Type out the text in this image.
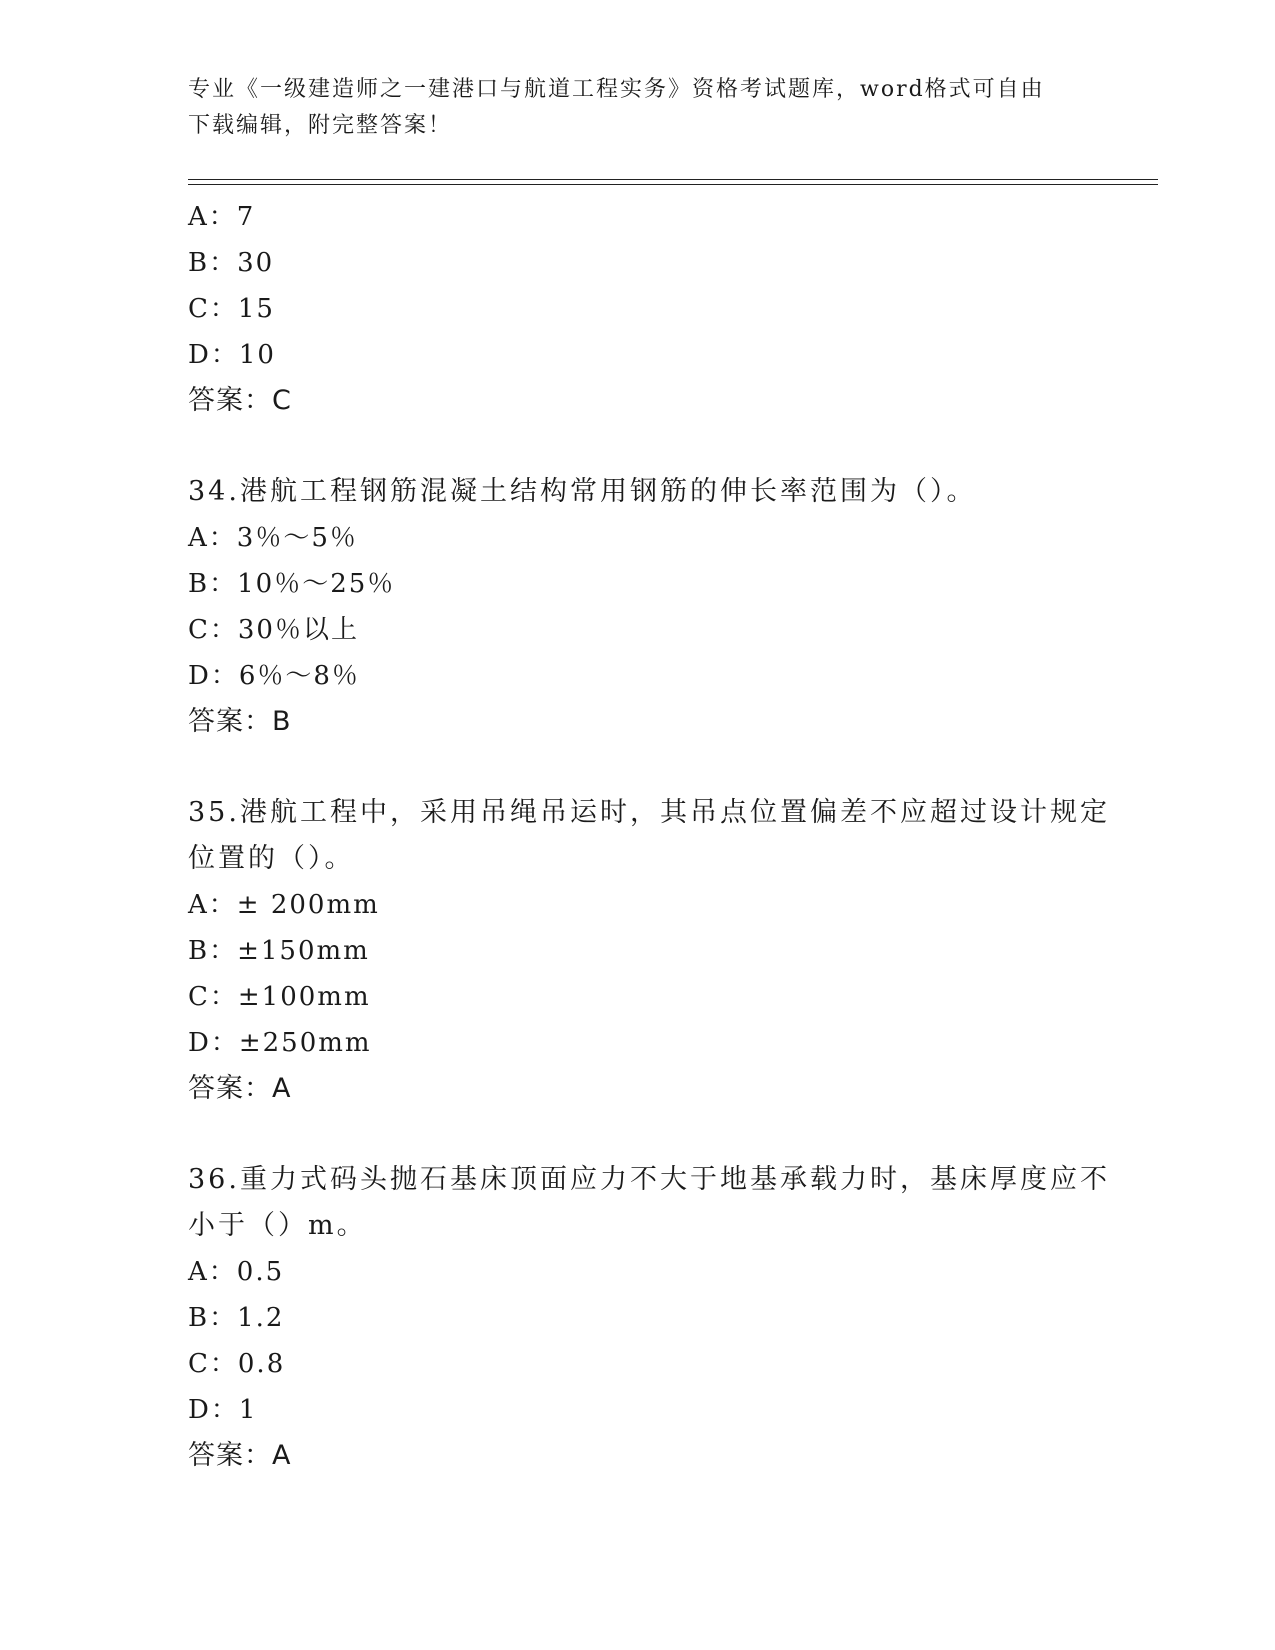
专业《一级建造师之一建港口与航道工程实务》资格考试题库，word格式可自由
下载编辑，附完整答案！
A：7
B：30
C：15
D：10
答案：C
34.港航工程钢筋混凝土结构常用钢筋的伸长率范围为（）。
A：3％～5％
B：10％～25％
C：30％以上
D：6％～8％
答案：B
35.港航工程中，采用吊绳吊运时，其吊点位置偏差不应超过设计规定
位置的（）。
A：± 200mm
B：±150mm
C：±100mm
D：±250mm
答案：A
36.重力式码头抛石基床顶面应力不大于地基承载力时，基床厚度应不
小于（）m。
A：0.5
B：1.2
C：0.8
D：1
答案：A
